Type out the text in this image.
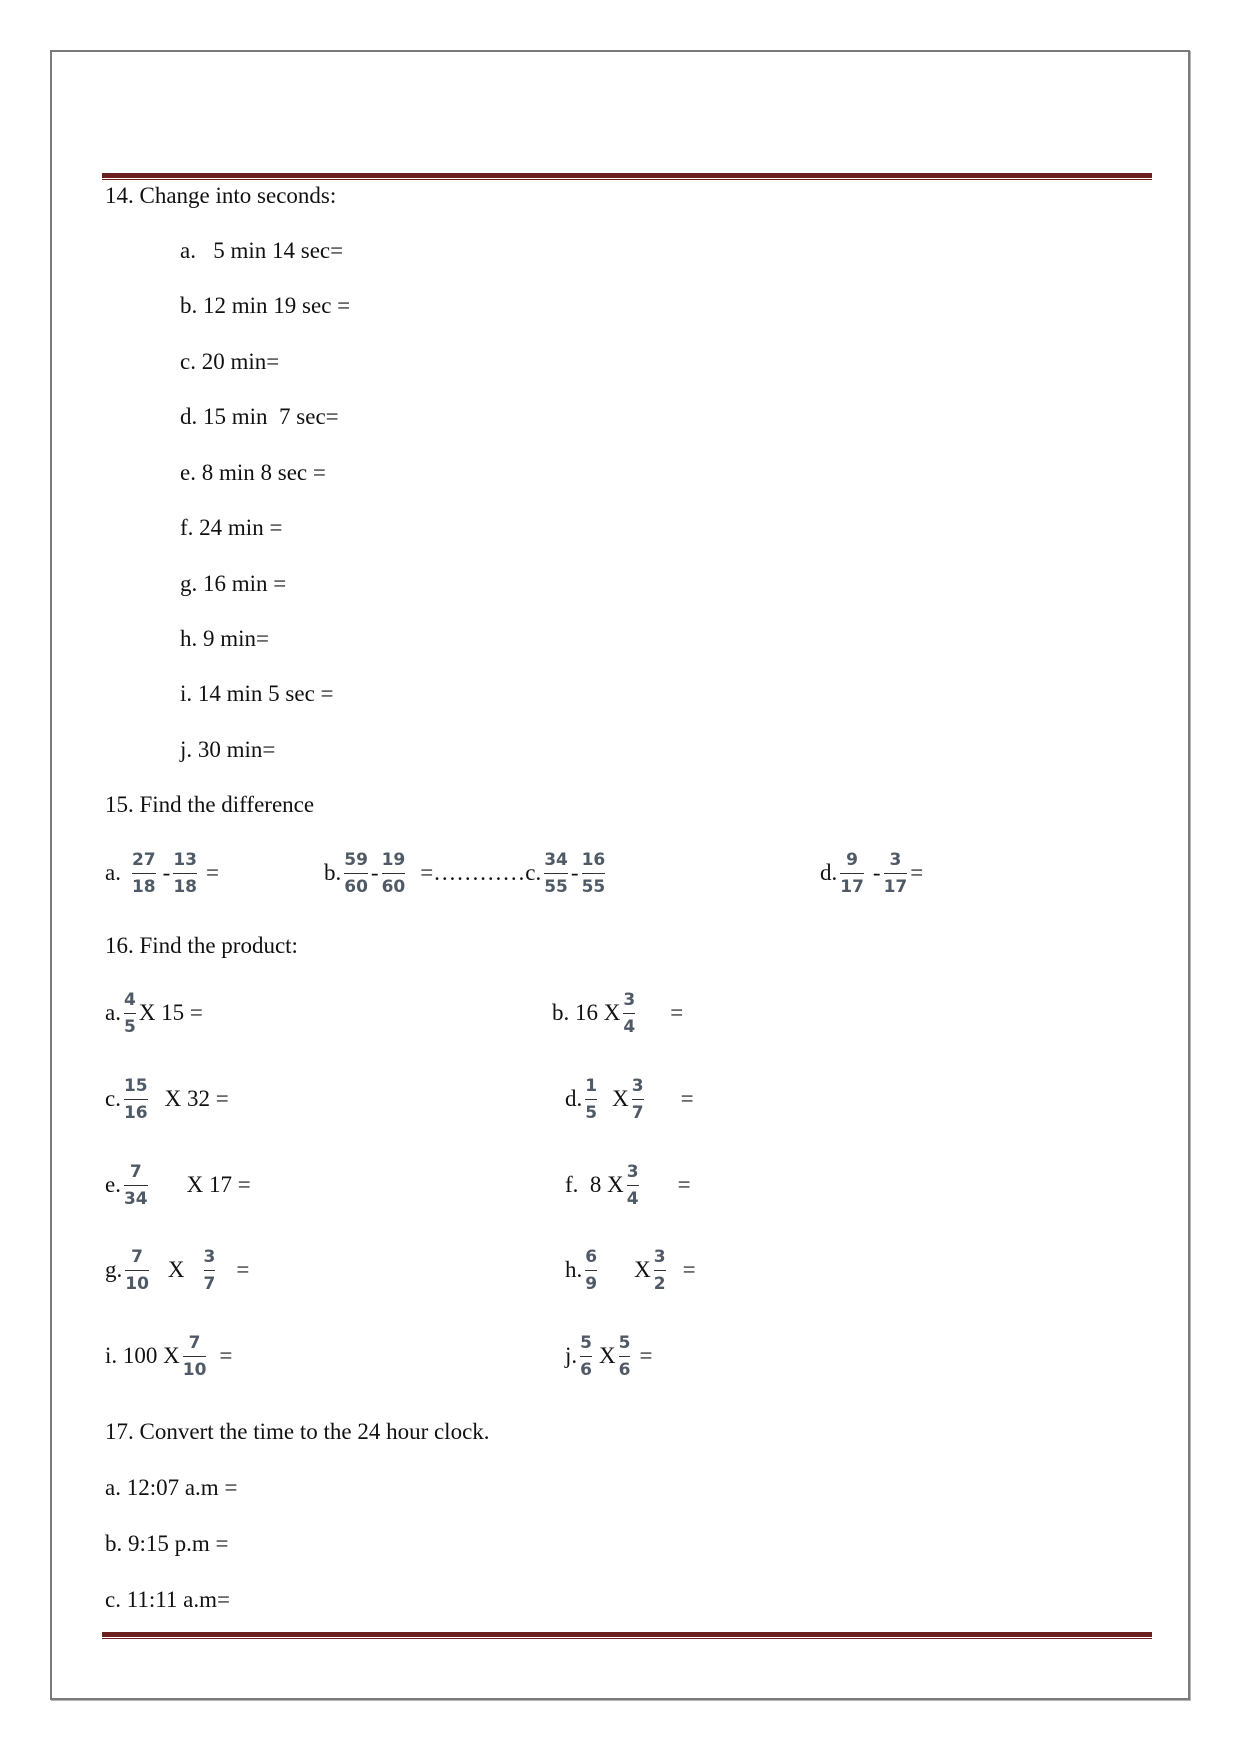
14. Change into seconds:
a.   5 min 14 sec=
b. 12 min 19 sec =
c. 20 min=
d. 15 min  7 sec=
e. 8 min 8 sec =
f. 24 min =
g. 16 min =
h. 9 min=
i. 14 min 5 sec =
j. 30 min=
15. Find the difference
a. $\frac{27}{18} - \frac{13}{18}$ =	b. $\frac{59}{60} - \frac{19}{60}$ =………… c. $\frac{34}{55} - \frac{16}{55}$	d. $\frac{9}{17} - \frac{3}{17}$ =
16. Find the product:
a. $\frac{4}{5}$ X 15 =	b. 16 X $\frac{3}{4}$ =
c. $\frac{15}{16}$ X 32 =	d. $\frac{1}{5}$ X $\frac{3}{7}$ =
e. $\frac{7}{34}$ X 17 =	f.  8 X $\frac{3}{4}$ =
g. $\frac{7}{10}$ X $\frac{3}{7}$ =	h. $\frac{6}{9}$ X $\frac{3}{2}$ =
i. 100 X $\frac{7}{10}$ =	j. $\frac{5}{6}$ X $\frac{5}{6}$ =
17. Convert the time to the 24 hour clock.
a. 12:07 a.m =
b. 9:15 p.m =
c. 11:11 a.m=
